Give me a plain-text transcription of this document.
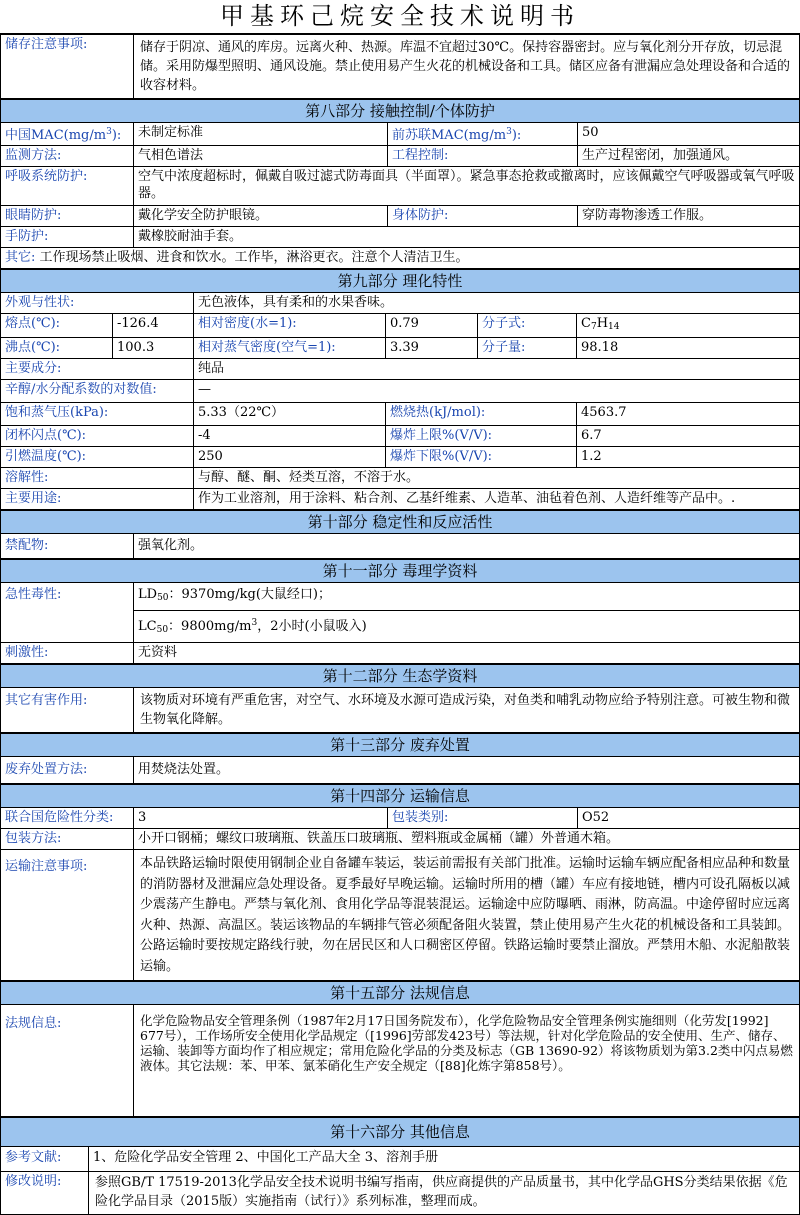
甲基环己烷安全技术说明书
储存注意事项:	储存于阴凉、通风的库房。远离火种、热源。库温不宜超过30℃。保持容器密封。应与氧化剂分开存放，切忌混储。采用防爆型照明、通风设施。禁止使用易产生火花的机械设备和工具。储区应备有泄漏应急处理设备和合适的收容材料。
第八部分 接触控制/个体防护			
中国$MAC(mg/m^3)$:	未制定标准	前苏联$MAC(mg/m^3)$:	50
监测方法:	气相色谱法	工程控制:	生产过程密闭，加强通风。
呼吸系统防护:	空气中浓度超标时，佩戴自吸过滤式防毒面具（半面罩）。紧急事态抢救或撤离时，应该佩戴空气呼吸器或氧气呼吸器。		
眼睛防护:	戴化学安全防护眼镜。	身体防护:	穿防毒物渗透工作服。
手防护:	戴橡胶耐油手套。		
其它: 工作现场禁止吸烟、进食和饮水。工作毕，淋浴更衣。注意个人清洁卫生。			
第九部分 理化特性					
外观与性状:		无色液体，具有柔和的水果香味。			
熔点(℃):	-126.4	相对密度(水=1):	0.79	分子式:	$C_7H_{14}$
沸点(℃):	100.3	相对蒸气密度(空气=1):	3.39	分子量:	98.18
主要成分:		纯品			
辛醇/水分配系数的对数值:		—			
饱和蒸气压(kPa):		5.33（22℃）	燃烧热(kJ/mol):		4563.7
闭杯闪点(℃):		-4	爆炸上限%(V/V):		6.7
引燃温度(℃):		250	爆炸下限%(V/V):		1.2
溶解性:		与醇、醚、酮、烃类互溶，不溶于水。			
主要用途:		作为工业溶剂，用于涂料、粘合剂、乙基纤维素、人造革、油毡着色剂、人造纤维等产品中。.			
第十部分 稳定性和反应活性
禁配物:	强氧化剂。
第十一部分 毒理学资料	
急性毒性:	$LD_{50}$：9370mg/kg(大鼠经口)；
	$LC_{50}$：$9800mg/m^3$，2小时(小鼠吸入)
刺激性:	无资料
第十二部分 生态学资料
其它有害作用:	该物质对环境有严重危害，对空气、水环境及水源可造成污染，对鱼类和哺乳动物应给予特别注意。可被生物和微生物氧化降解。
第十三部分 废弃处置
废弃处置方法:	用焚烧法处置。
第十四部分 运输信息			
联合国危险性分类:	3	包装类别:	O52
包装方法:	小开口钢桶；螺纹口玻璃瓶、铁盖压口玻璃瓶、塑料瓶或金属桶（罐）外普通木箱。		
运输注意事项:	本品铁路运输时限使用钢制企业自备罐车装运，装运前需报有关部门批准。运输时运输车辆应配备相应品种和数量的消防器材及泄漏应急处理设备。夏季最好早晚运输。运输时所用的槽（罐）车应有接地链，槽内可设孔隔板以减少震荡产生静电。严禁与氧化剂、食用化学品等混装混运。运输途中应防曝晒、雨淋，防高温。中途停留时应远离火种、热源、高温区。装运该物品的车辆排气管必须配备阻火装置，禁止使用易产生火花的机械设备和工具装卸。公路运输时要按规定路线行驶，勿在居民区和人口稠密区停留。铁路运输时要禁止溜放。严禁用木船、水泥船散装运输。		
第十五部分 法规信息
法规信息:	化学危险物品安全管理条例（1987年2月17日国务院发布），化学危险物品安全管理条例实施细则（化劳发[1992] 677号），工作场所安全使用化学品规定（[1996]劳部发423号）等法规，针对化学危险品的安全使用、生产、储存、运输、装卸等方面均作了相应规定；常用危险化学品的分类及标志（GB 13690-92）将该物质划为第3.2类中闪点易燃液体。其它法规：苯、甲苯、氯苯硝化生产安全规定（[88]化炼字第858号）。
第十六部分 其他信息	
参考文献:	1、危险化学品安全管理 2、中国化工产品大全 3、溶剂手册
修改说明:	参照GB/T 17519-2013化学品安全技术说明书编写指南，供应商提供的产品质量书，其中化学品GHS分类结果依据《危险化学品目录（2015版）实施指南（试行）》系列标准，整理而成。
